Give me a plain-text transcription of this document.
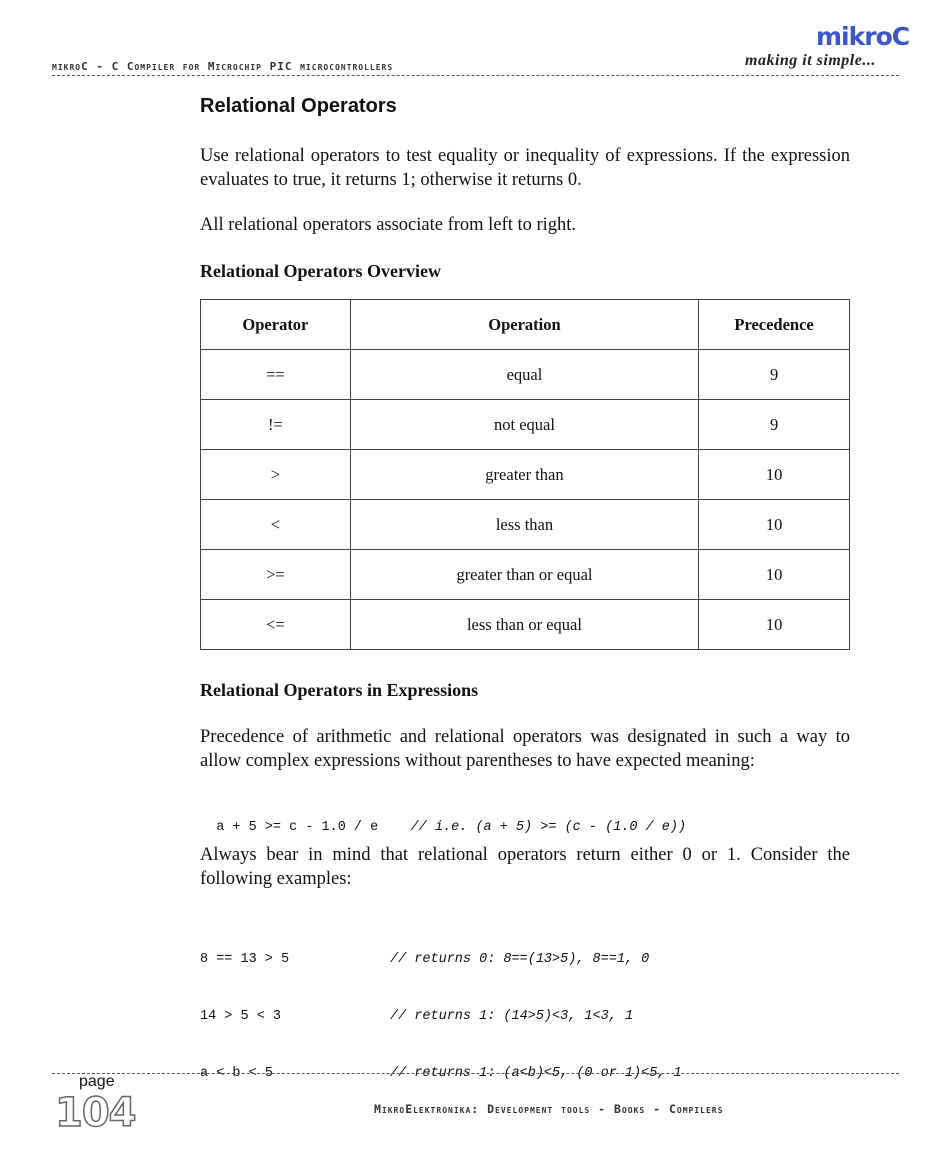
mikroC
making it simple...
mikroC - C Compiler for Microchip PIC microcontrollers
Relational Operators
Use relational operators to test equality or inequality of expressions. If the expression evaluates to true, it returns 1; otherwise it returns 0.
All relational operators associate from left to right.
Relational Operators Overview
Operator	Operation	Precedence
==	equal	9
!=	not equal	9
>	greater than	10
<	less than	10
>=	greater than or equal	10
<=	less than or equal	10
Relational Operators in Expressions
Precedence of arithmetic and relational operators was designated in such a way to allow complex expressions without parentheses to have expected meaning:

a + 5 >= c - 1.0 / e // i.e. (a + 5) >= (c - (1.0 / e))

Always bear in mind that relational operators return either 0 or 1. Consider the following examples:

8 == 13 > 5	// returns 0: 8==(13>5), 8==1, 0

14 > 5 < 3	// returns 1: (14>5)<3, 1<3, 1

a < b < 5	// returns 1: (a<b)<5, (0 or 1)<5, 1

page
104	MikroElektronika: Development tools - Books - Compilers
